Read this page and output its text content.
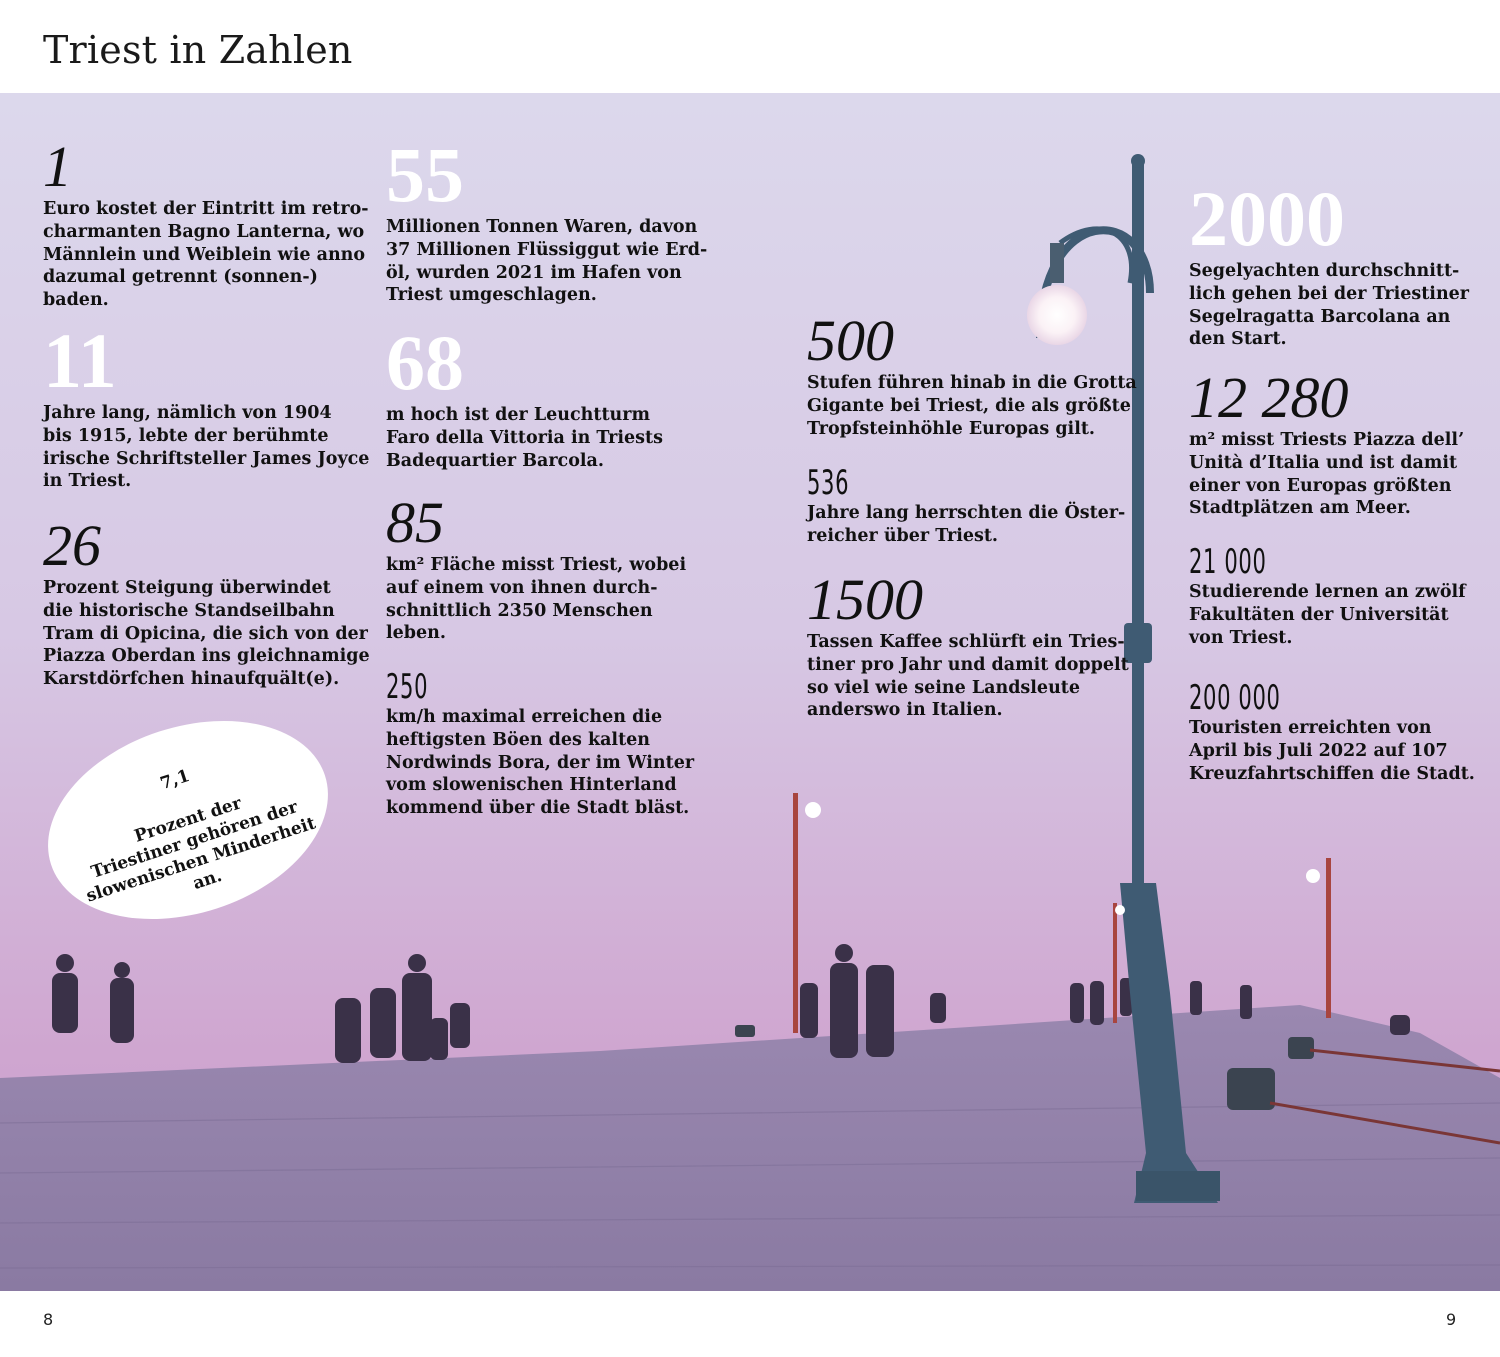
Triest in Zahlen
1
Euro kostet der Eintritt im retro-
charmanten Bagno Lanterna, wo
Männlein und Weiblein wie anno
dazumal getrennt (sonnen-)
baden.
11
Jahre lang, nämlich von 1904
bis 1915, lebte der berühmte
irische Schriftsteller James Joyce
in Triest.
26
Prozent Steigung überwindet
die historische Standseilbahn
Tram di Opicina, die sich von der
Piazza Oberdan ins gleichnamige
Karstdörfchen hinaufquält(e).
55
Millionen Tonnen Waren, davon
37 Millionen Flüssiggut wie Erd-
öl, wurden 2021 im Hafen von
Triest umgeschlagen.
68
m hoch ist der Leuchtturm
Faro della Vittoria in Triests
Badequartier Barcola.
85
km² Fläche misst Triest, wobei
auf einem von ihnen durch-
schnittlich 2350 Menschen
leben.
250
km/h maximal erreichen die
heftigsten Böen des kalten
Nordwinds Bora, der im Winter
vom slowenischen Hinterland
kommend über die Stadt bläst.
500
Stufen führen hinab in die Grotta
Gigante bei Triest, die als größte
Tropfsteinhöhle Europas gilt.
536
Jahre lang herrschten die Öster-
reicher über Triest.
1500
Tassen Kaffee schlürft ein Tries-
tiner pro Jahr und damit doppelt
so viel wie seine Landsleute
anderswo in Italien.
2000
Segelyachten durchschnitt-
lich gehen bei der Triestiner
Segelragatta Barcolana an
den Start.
12 280
m² misst Triests Piazza dell’
Unità d’Italia und ist damit
einer von Europas größten
Stadtplätzen am Meer.
21 000
Studierende lernen an zwölf
Fakultäten der Universität
von Triest.
200 000
Touristen erreichten von
April bis Juli 2022 auf 107
Kreuzfahrtschiffen die Stadt.

7,1

Prozent der
Triestiner gehören der
slowenischen Minderheit
an.

8	9
